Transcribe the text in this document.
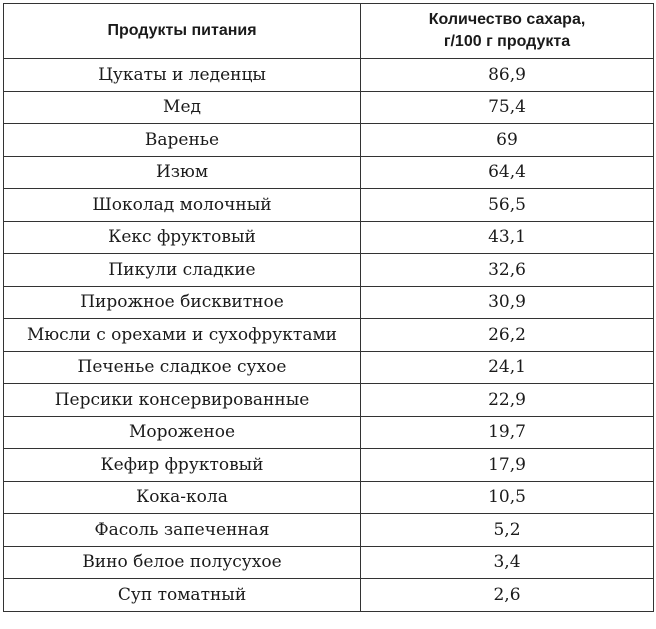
Продукты питания	Количество сахара,
г/100 г продукта

Цукаты и леденцы	86,9
Мед	75,4
Варенье	69
Изюм	64,4
Шоколад молочный	56,5
Кекс фруктовый	43,1
Пикули сладкие	32,6
Пирожное бисквитное	30,9
Мюсли с орехами и сухофруктами	26,2
Печенье сладкое сухое	24,1
Персики консервированные	22,9
Мороженое	19,7
Кефир фруктовый	17,9
Кока-кола	10,5
Фасоль запеченная	5,2
Вино белое полусухое	3,4
Суп томатный	2,6
